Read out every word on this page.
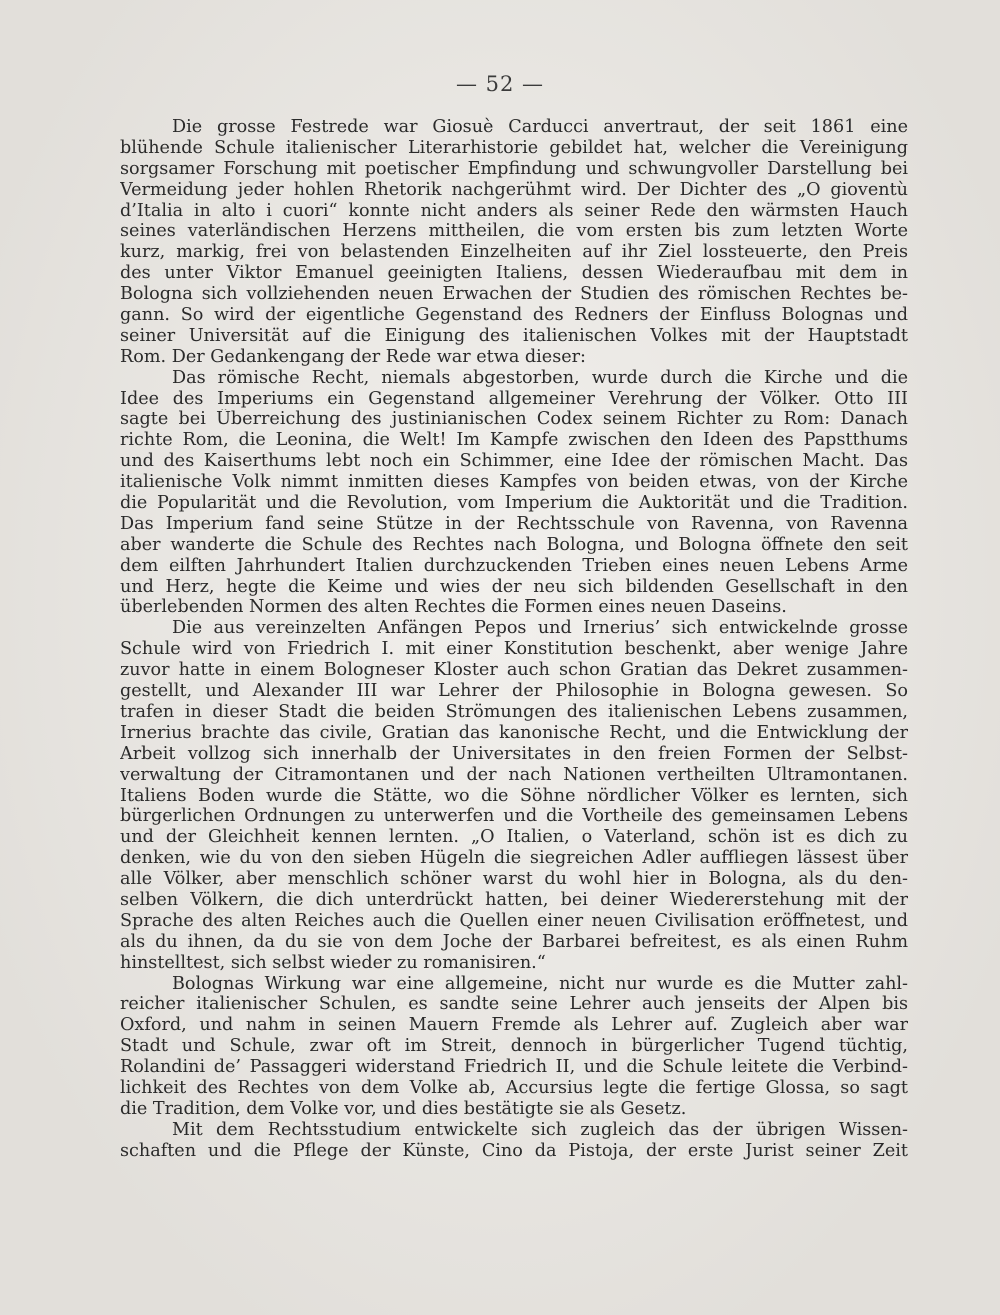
— 52 —
Die grosse Festrede war Giosuè Carducci anvertraut, der seit 1861 eine
blühende Schule italienischer Literarhistorie gebildet hat, welcher die Vereinigung
sorgsamer Forschung mit poetischer Empfindung und schwungvoller Darstellung bei
Vermeidung jeder hohlen Rhetorik nachgerühmt wird. Der Dichter des „O gioventù
d’Italia in alto i cuori“ konnte nicht anders als seiner Rede den wärmsten Hauch
seines vaterländischen Herzens mittheilen, die vom ersten bis zum letzten Worte
kurz, markig, frei von belastenden Einzelheiten auf ihr Ziel lossteuerte, den Preis
des unter Viktor Emanuel geeinigten Italiens, dessen Wiederaufbau mit dem in
Bologna sich vollziehenden neuen Erwachen der Studien des römischen Rechtes be-
gann. So wird der eigentliche Gegenstand des Redners der Einfluss Bolognas und
seiner Universität auf die Einigung des italienischen Volkes mit der Hauptstadt
Rom. Der Gedankengang der Rede war etwa dieser:
Das römische Recht, niemals abgestorben, wurde durch die Kirche und die
Idee des Imperiums ein Gegenstand allgemeiner Verehrung der Völker. Otto III
sagte bei Überreichung des justinianischen Codex seinem Richter zu Rom: Danach
richte Rom, die Leonina, die Welt! Im Kampfe zwischen den Ideen des Papstthums
und des Kaiserthums lebt noch ein Schimmer, eine Idee der römischen Macht. Das
italienische Volk nimmt inmitten dieses Kampfes von beiden etwas, von der Kirche
die Popularität und die Revolution, vom Imperium die Auktorität und die Tradition.
Das Imperium fand seine Stütze in der Rechtsschule von Ravenna, von Ravenna
aber wanderte die Schule des Rechtes nach Bologna, und Bologna öffnete den seit
dem eilften Jahrhundert Italien durchzuckenden Trieben eines neuen Lebens Arme
und Herz, hegte die Keime und wies der neu sich bildenden Gesellschaft in den
überlebenden Normen des alten Rechtes die Formen eines neuen Daseins.
Die aus vereinzelten Anfängen Pepos und Irnerius’ sich entwickelnde grosse
Schule wird von Friedrich I. mit einer Konstitution beschenkt, aber wenige Jahre
zuvor hatte in einem Bologneser Kloster auch schon Gratian das Dekret zusammen-
gestellt, und Alexander III war Lehrer der Philosophie in Bologna gewesen. So
trafen in dieser Stadt die beiden Strömungen des italienischen Lebens zusammen,
Irnerius brachte das civile, Gratian das kanonische Recht, und die Entwicklung der
Arbeit vollzog sich innerhalb der Universitates in den freien Formen der Selbst-
verwaltung der Citramontanen und der nach Nationen vertheilten Ultramontanen.
Italiens Boden wurde die Stätte, wo die Söhne nördlicher Völker es lernten, sich
bürgerlichen Ordnungen zu unterwerfen und die Vortheile des gemeinsamen Lebens
und der Gleichheit kennen lernten. „O Italien, o Vaterland, schön ist es dich zu
denken, wie du von den sieben Hügeln die siegreichen Adler auffliegen lässest über
alle Völker, aber menschlich schöner warst du wohl hier in Bologna, als du den-
selben Völkern, die dich unterdrückt hatten, bei deiner Wiedererstehung mit der
Sprache des alten Reiches auch die Quellen einer neuen Civilisation eröffnetest, und
als du ihnen, da du sie von dem Joche der Barbarei befreitest, es als einen Ruhm
hinstelltest, sich selbst wieder zu romanisiren.“
Bolognas Wirkung war eine allgemeine, nicht nur wurde es die Mutter zahl-
reicher italienischer Schulen, es sandte seine Lehrer auch jenseits der Alpen bis
Oxford, und nahm in seinen Mauern Fremde als Lehrer auf. Zugleich aber war
Stadt und Schule, zwar oft im Streit, dennoch in bürgerlicher Tugend tüchtig,
Rolandini de’ Passaggeri widerstand Friedrich II, und die Schule leitete die Verbind-
lichkeit des Rechtes von dem Volke ab, Accursius legte die fertige Glossa, so sagt
die Tradition, dem Volke vor, und dies bestätigte sie als Gesetz.
Mit dem Rechtsstudium entwickelte sich zugleich das der übrigen Wissen-
schaften und die Pflege der Künste, Cino da Pistoja, der erste Jurist seiner Zeit
